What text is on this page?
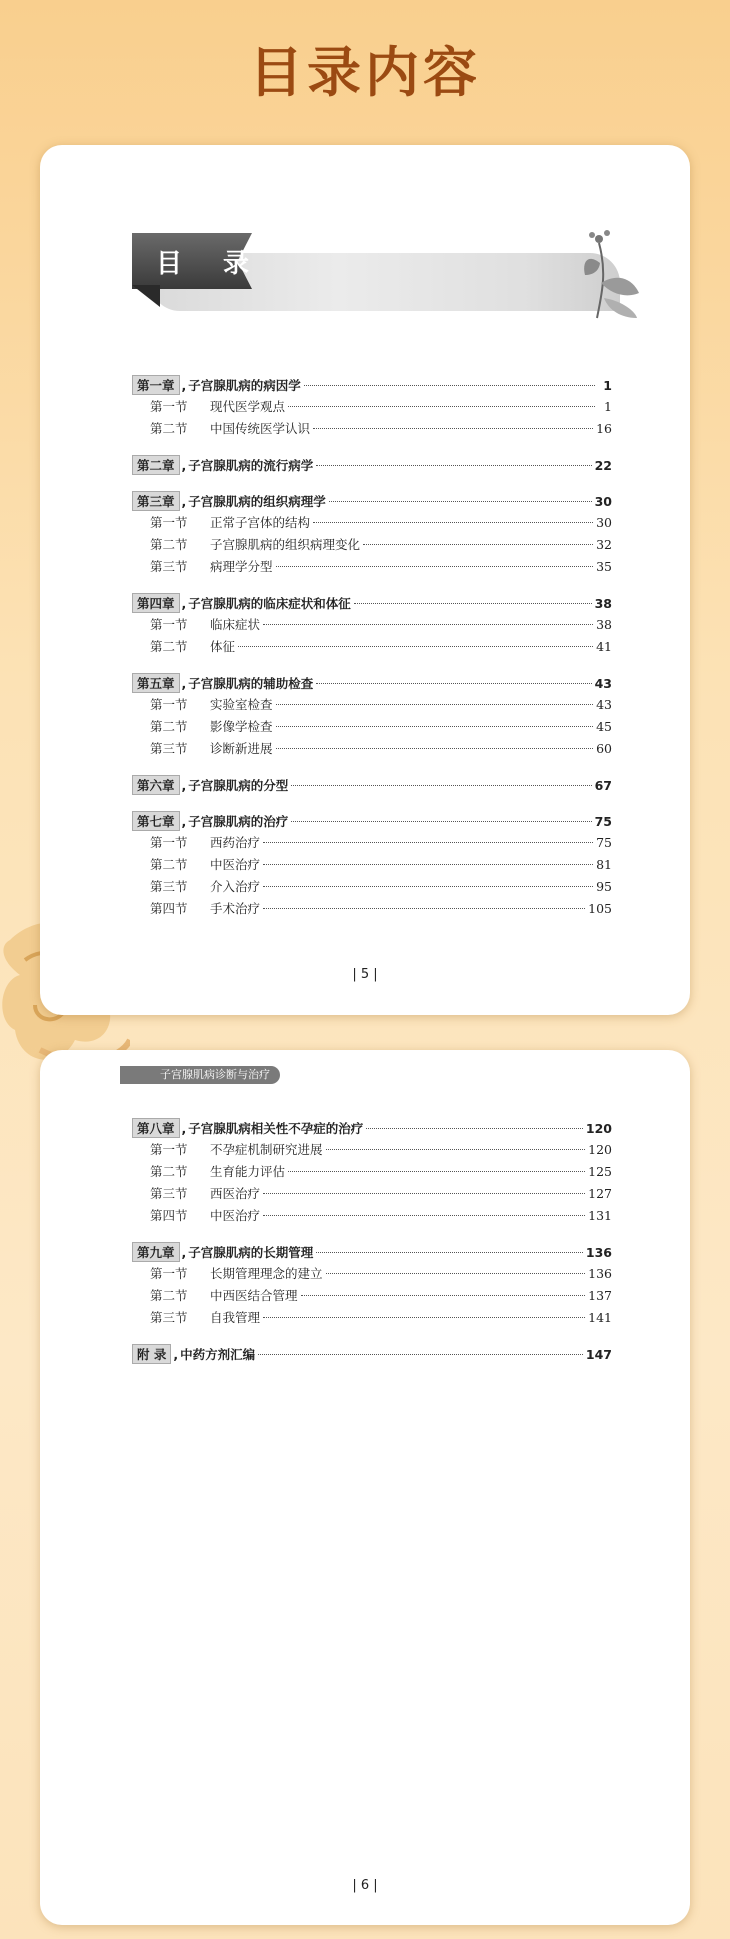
目录内容
目 录
第一章 , 子宫腺肌病的病因学	1
第一节	现代医学观点	1
第二节	中国传统医学认识	16
第二章 , 子宫腺肌病的流行病学	22
第三章 , 子宫腺肌病的组织病理学	30
第一节	正常子宫体的结构	30
第二节	子宫腺肌病的组织病理变化	32
第三节	病理学分型	35
第四章 , 子宫腺肌病的临床症状和体征	38
第一节	临床症状	38
第二节	体征	41
第五章 , 子宫腺肌病的辅助检查	43
第一节	实验室检查	43
第二节	影像学检查	45
第三节	诊断新进展	60
第六章 , 子宫腺肌病的分型	67
第七章 , 子宫腺肌病的治疗	75
第一节	西药治疗	75
第二节	中医治疗	81
第三节	介入治疗	95
第四节	手术治疗	105
| 5 |
子宫腺肌病诊断与治疗
第八章 , 子宫腺肌病相关性不孕症的治疗	120
第一节	不孕症机制研究进展	120
第二节	生育能力评估	125
第三节	西医治疗	127
第四节	中医治疗	131
第九章 , 子宫腺肌病的长期管理	136
第一节	长期管理理念的建立	136
第二节	中西医结合管理	137
第三节	自我管理	141
附 录 , 中药方剂汇编	147
| 6 |
